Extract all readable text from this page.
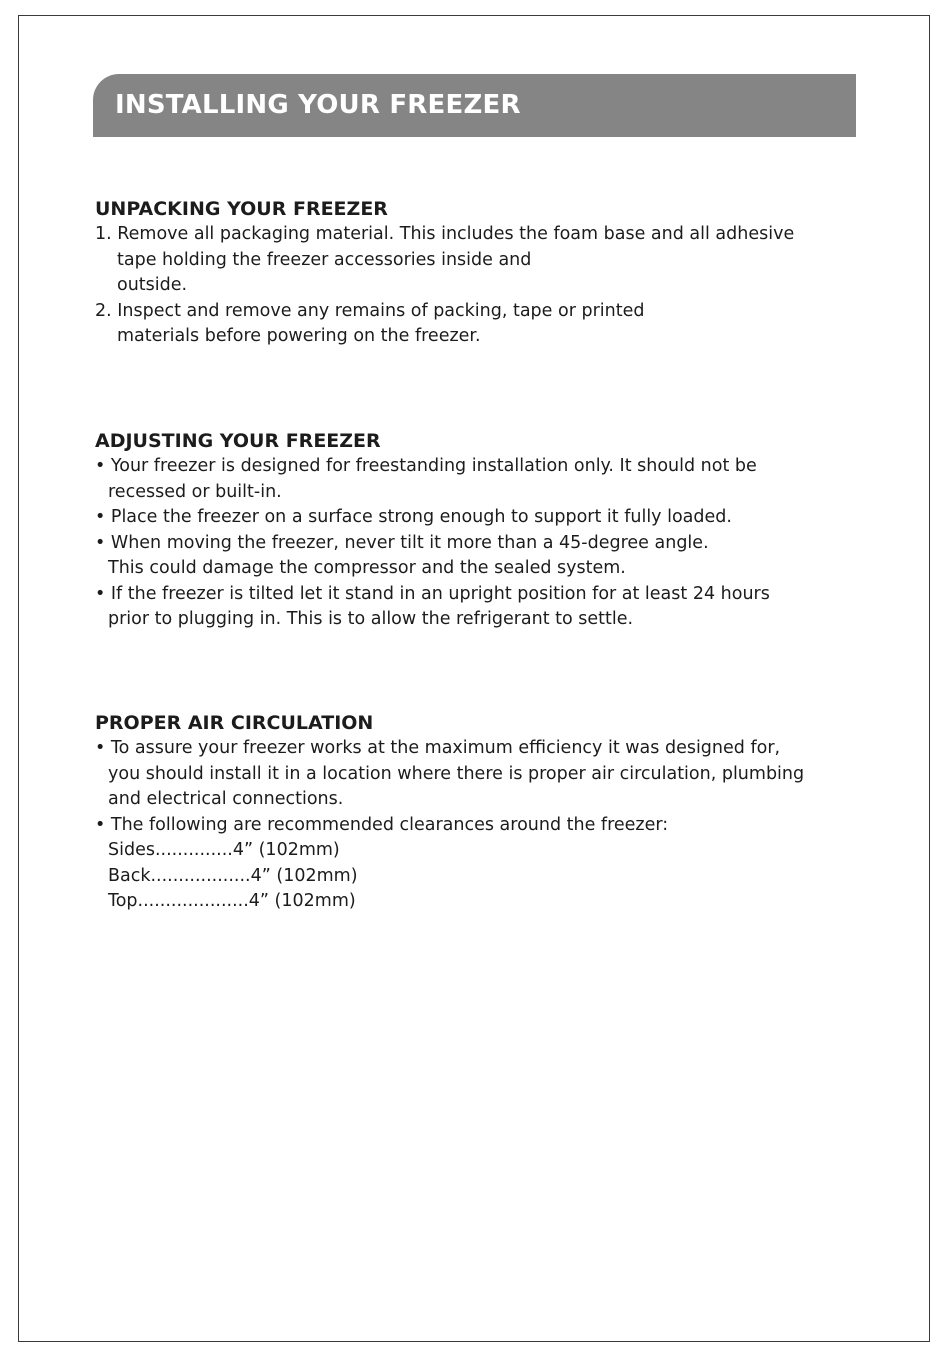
INSTALLING YOUR FREEZER
UNPACKING YOUR FREEZER
1. Remove all packaging material. This includes the foam base and all adhesive
tape holding the freezer accessories inside and
outside.
2. Inspect and remove any remains of packing, tape or printed
materials before powering on the freezer.
ADJUSTING YOUR FREEZER
• Your freezer is designed for freestanding installation only. It should not be
recessed or built-in.
• Place the freezer on a surface strong enough to support it fully loaded.
• When moving the freezer, never tilt it more than a 45-degree angle.
This could damage the compressor and the sealed system.
• If the freezer is tilted let it stand in an upright position for at least 24 hours
prior to plugging in. This is to allow the refrigerant to settle.
PROPER AIR CIRCULATION
• To assure your freezer works at the maximum efficiency it was designed for,
you should install it in a location where there is proper air circulation, plumbing
and electrical connections.
• The following are recommended clearances around the freezer:
Sides..............4” (102mm)
Back..................4” (102mm)
Top....................4” (102mm)
